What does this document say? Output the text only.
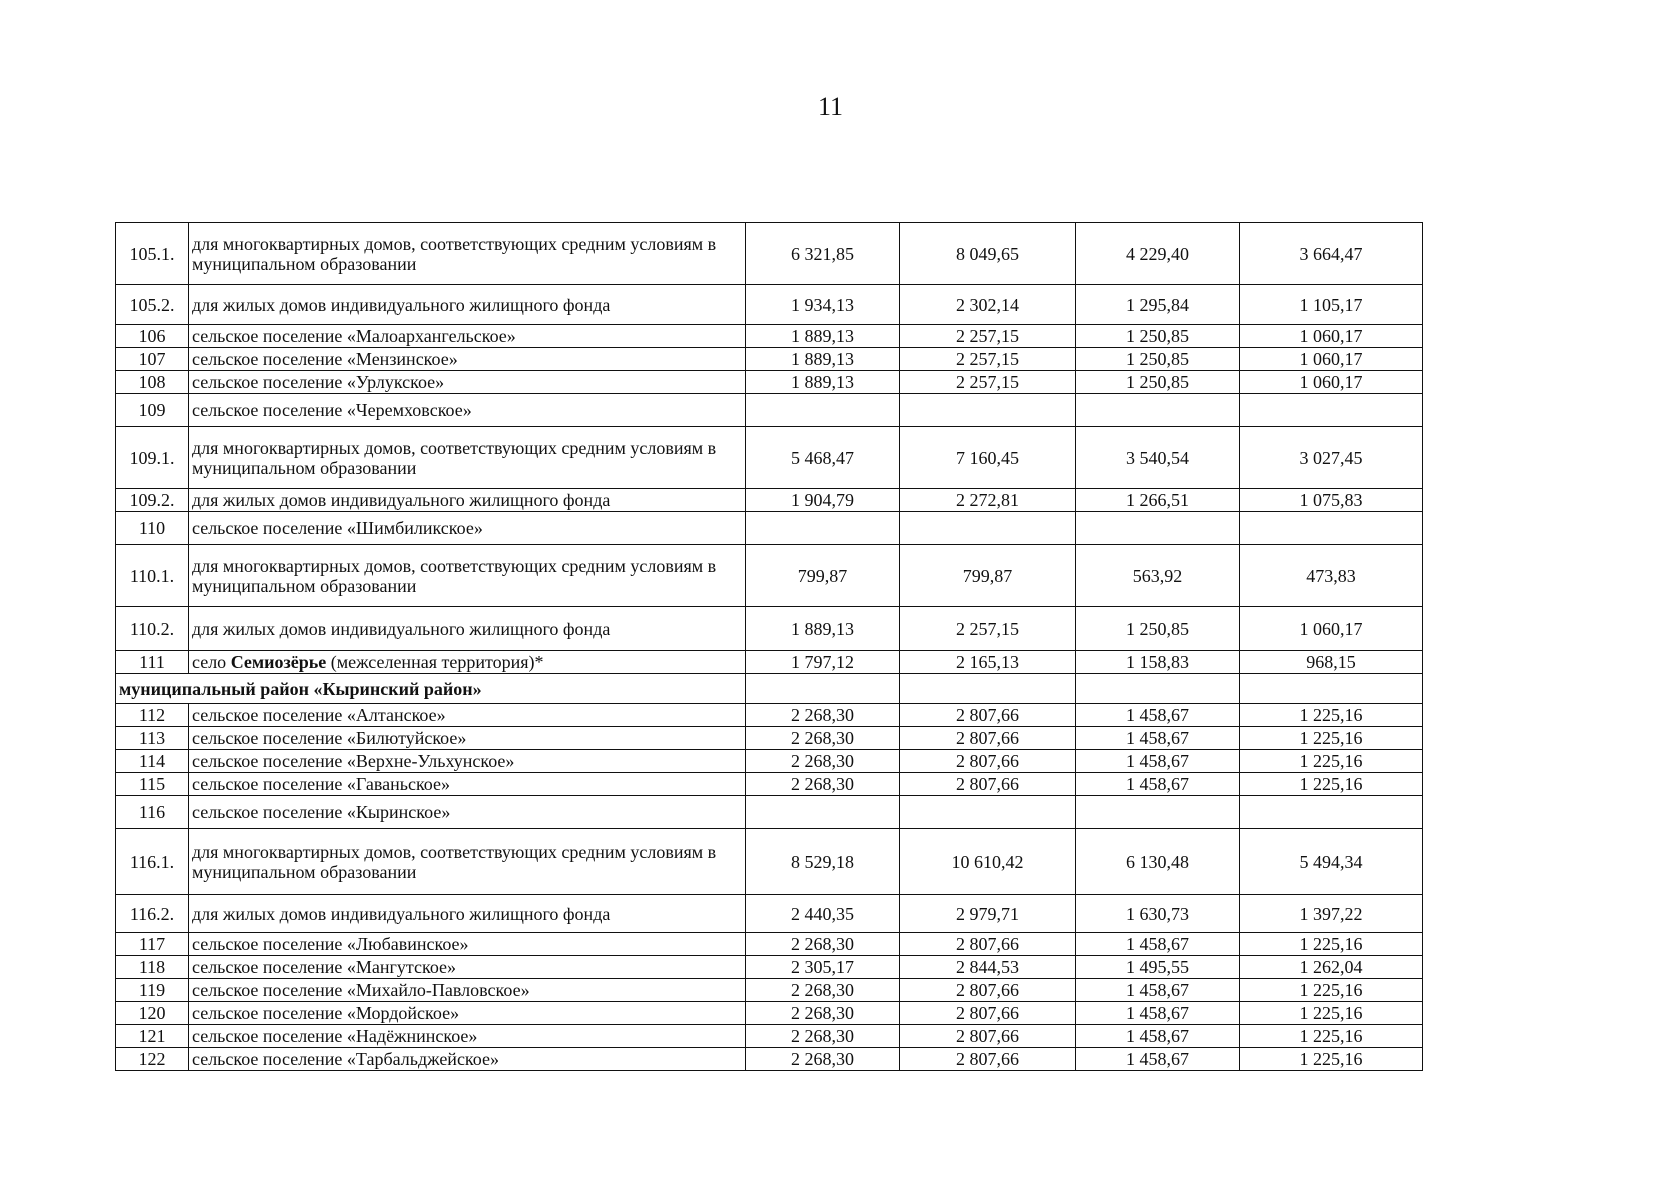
11
105.1.	для многоквартирных домов, соответствующих средним условиям в муниципальном образовании	6 321,85	8 049,65	4 229,40	3 664,47
105.2.	для жилых домов индивидуального жилищного фонда	1 934,13	2 302,14	1 295,84	1 105,17
106	сельское поселение «Малоархангельское»	1 889,13	2 257,15	1 250,85	1 060,17
107	сельское поселение «Мензинское»	1 889,13	2 257,15	1 250,85	1 060,17
108	сельское поселение «Урлукское»	1 889,13	2 257,15	1 250,85	1 060,17
109	сельское поселение «Черемховское»				
109.1.	для многоквартирных домов, соответствующих средним условиям в муниципальном образовании	5 468,47	7 160,45	3 540,54	3 027,45
109.2.	для жилых домов индивидуального жилищного фонда	1 904,79	2 272,81	1 266,51	1 075,83
110	сельское поселение «Шимбиликское»				
110.1.	для многоквартирных домов, соответствующих средним условиям в муниципальном образовании	799,87	799,87	563,92	473,83
110.2.	для жилых домов индивидуального жилищного фонда	1 889,13	2 257,15	1 250,85	1 060,17
111	село Семиозёрье (межселенная территория)*	1 797,12	2 165,13	1 158,83	968,15
муниципальный район «Кыринский район»					
112	сельское поселение «Алтанское»	2 268,30	2 807,66	1 458,67	1 225,16
113	сельское поселение «Билютуйское»	2 268,30	2 807,66	1 458,67	1 225,16
114	сельское поселение «Верхне-Ульхунское»	2 268,30	2 807,66	1 458,67	1 225,16
115	сельское поселение «Гаваньское»	2 268,30	2 807,66	1 458,67	1 225,16
116	сельское поселение «Кыринское»				
116.1.	для многоквартирных домов, соответствующих средним условиям в муниципальном образовании	8 529,18	10 610,42	6 130,48	5 494,34
116.2.	для жилых домов индивидуального жилищного фонда	2 440,35	2 979,71	1 630,73	1 397,22
117	сельское поселение «Любавинское»	2 268,30	2 807,66	1 458,67	1 225,16
118	сельское поселение «Мангутское»	2 305,17	2 844,53	1 495,55	1 262,04
119	сельское поселение «Михайло-Павловское»	2 268,30	2 807,66	1 458,67	1 225,16
120	сельское поселение «Мордойское»	2 268,30	2 807,66	1 458,67	1 225,16
121	сельское поселение «Надёжнинское»	2 268,30	2 807,66	1 458,67	1 225,16
122	сельское поселение «Тарбальджейское»	2 268,30	2 807,66	1 458,67	1 225,16
